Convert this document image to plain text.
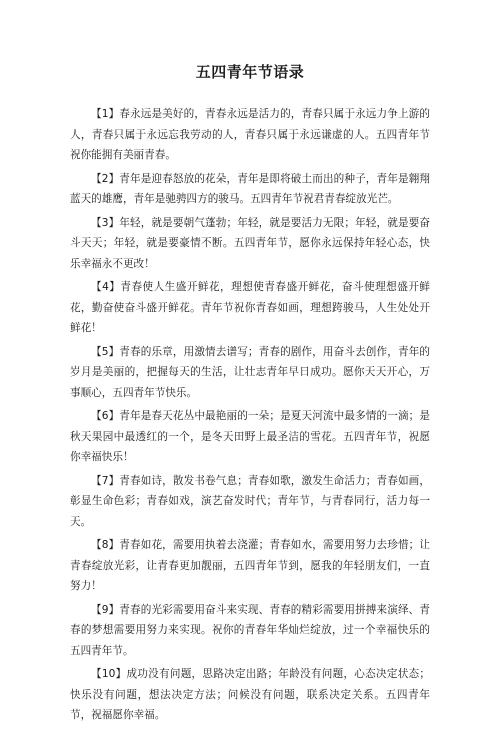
五四青年节语录

【1】春永远是美好的，青春永远是活力的，青春只属于永远力争上游的人，青春只属于永远忘我劳动的人，青春只属于永远谦虚的人。五四青年节祝你能拥有美丽青春。

【2】青年是迎春怒放的花朵，青年是即将破土而出的种子，青年是翱翔蓝天的雄鹰，青年是驰骋四方的骏马。五四青年节祝君青春绽放光芒。

【3】年轻，就是要朝气蓬勃；年轻，就是要活力无限；年轻，就是要奋斗天天；年轻，就是要豪情不断。五四青年节，愿你永远保持年轻心态，快乐幸福永不更改！

【4】青春使人生盛开鲜花，理想使青春盛开鲜花，奋斗使理想盛开鲜花，勤奋使奋斗盛开鲜花。青年节祝你青春如画，理想跨骏马，人生处处开鲜花！

【5】青春的乐章，用激情去谱写；青春的剧作，用奋斗去创作，青年的岁月是美丽的，把握每天的生活，让壮志青年早日成功。愿你天天开心，万事顺心，五四青年节快乐。

【6】青年是春天花丛中最艳丽的一朵；是夏天河流中最多情的一滴；是秋天果园中最透红的一个，是冬天田野上最圣洁的雪花。五四青年节，祝愿你幸福快乐！

【7】青春如诗，散发书卷气息；青春如歌，激发生命活力；青春如画，彰显生命色彩；青春如戏，演艺奋发时代；青年节，与青春同行，活力每一天。

【8】青春如花，需要用执着去浇灌；青春如水，需要用努力去珍惜；让青春绽放光彩，让青春更加靓丽，五四青年节到，愿我的年轻朋友们，一直努力！

【9】青春的光彩需要用奋斗来实现、青春的精彩需要用拼搏来演绎、青春的梦想需要用努力来实现。祝你的青春年华灿烂绽放，过一个幸福快乐的五四青年节。

【10】成功没有问题，思路决定出路；年龄没有问题，心态决定状态；快乐没有问题，想法决定方法；问候没有问题，联系决定关系。五四青年节，祝福愿你幸福。
